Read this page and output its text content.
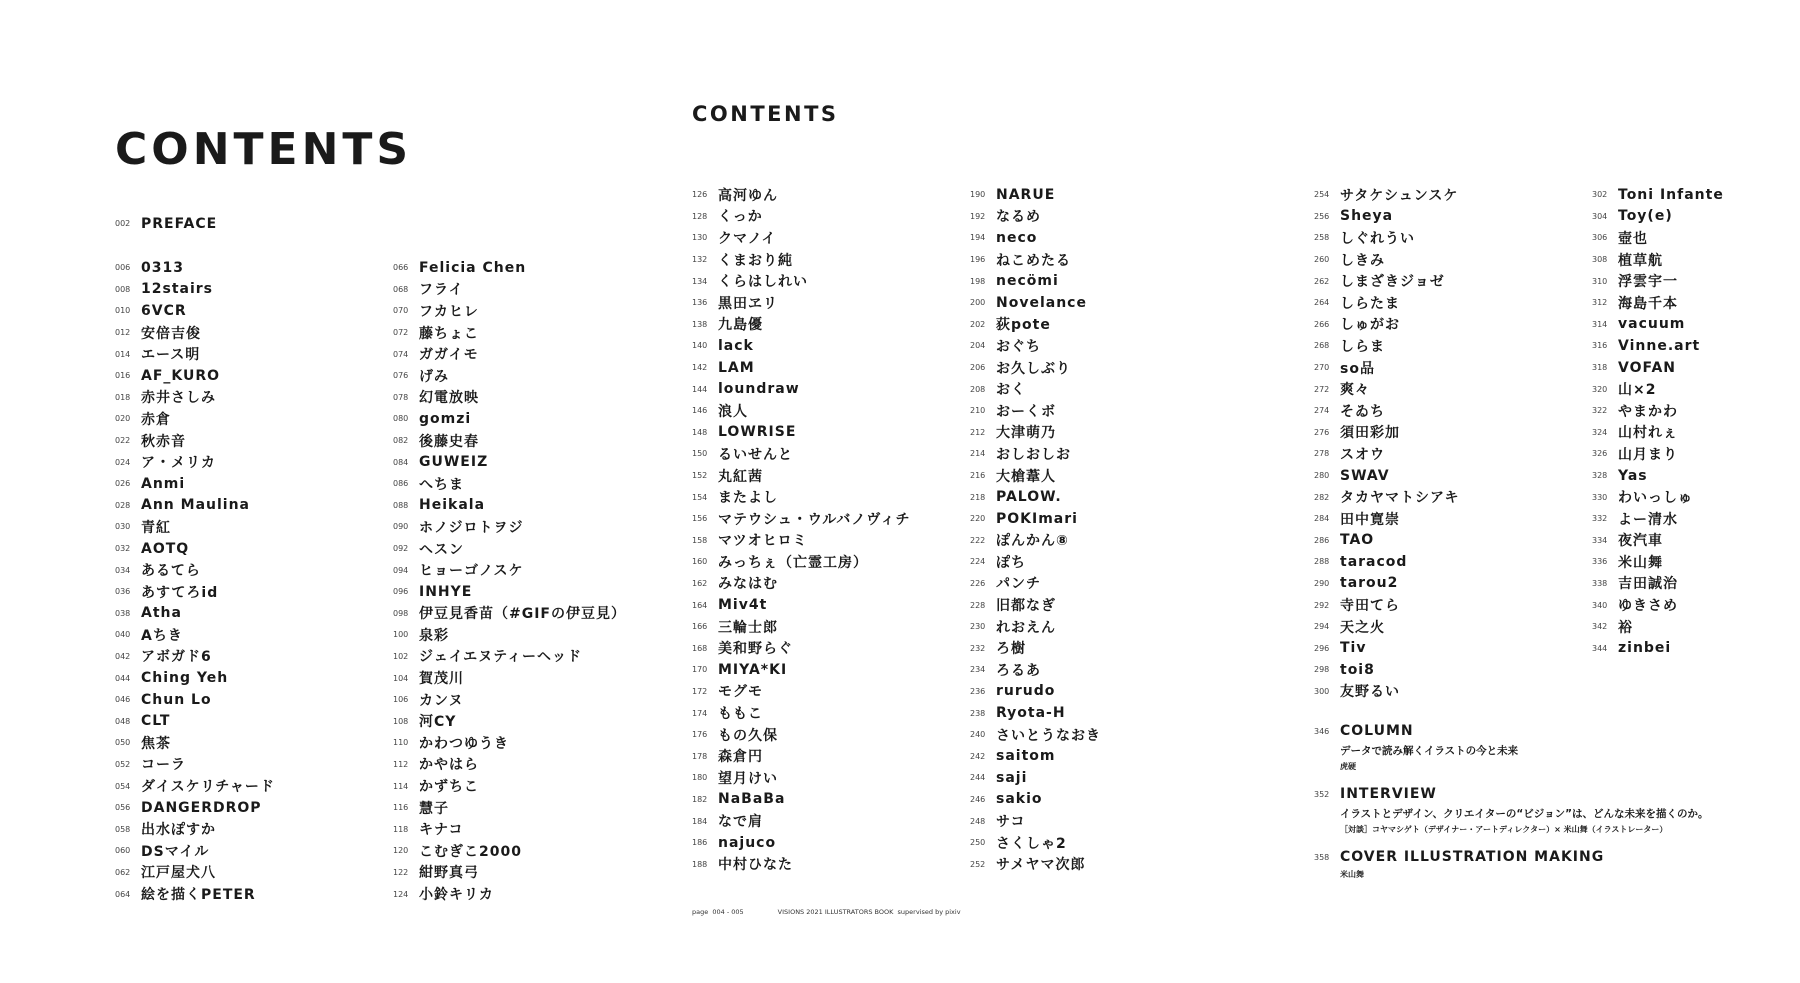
CONTENTS
CONTENTS
002 PREFACE
006 0313
008 12stairs
010 6VCR
012 安倍吉俊
014 エース明
016 AF_KURO
018 赤井さしみ
020 赤倉
022 秋赤音
024 ア・メリカ
026 Anmi
028 Ann Maulina
030 青紅
032 AOTQ
034 あるてら
036 あすてろid
038 Atha
040 Aちき
042 アボガド6
044 Ching Yeh
046 Chun Lo
048 CLT
050 焦茶
052 コーラ
054 ダイスケリチャード
056 DANGERDROP
058 出水ぽすか
060 DSマイル
062 江戸屋犬八
064 絵を描くPETER
066 Felicia Chen
068 フライ
070 フカヒレ
072 藤ちょこ
074 ガガイモ
076 げみ
078 幻電放映
080 gomzi
082 後藤史春
084 GUWEIZ
086 へちま
088 Heikala
090 ホノジロトヲジ
092 ヘスン
094 ヒョーゴノスケ
096 INHYE
098 伊豆見香苗（#GIFの伊豆見）
100 泉彩
102 ジェイエヌティーヘッド
104 賀茂川
106 カンヌ
108 河CY
110 かわつゆうき
112 かやはら
114 かずちこ
116 慧子
118 キナコ
120 こむぎこ2000
122 紺野真弓
124 小鈴キリカ
126 高河ゆん
128 くっか
130 クマノイ
132 くまおり純
134 くらはしれい
136 黒田ヱリ
138 九島優
140 lack
142 LAM
144 loundraw
146 浪人
148 LOWRISE
150 るいせんと
152 丸紅茜
154 またよし
156 マテウシュ・ウルバノヴィチ
158 マツオヒロミ
160 みっちぇ（亡霊工房）
162 みなはむ
164 Miv4t
166 三輪士郎
168 美和野らぐ
170 MIYA*KI
172 モグモ
174 ももこ
176 もの久保
178 森倉円
180 望月けい
182 NaBaBa
184 なで肩
186 najuco
188 中村ひなた
190 NARUE
192 なるめ
194 neco
196 ねこめたる
198 necömi
200 Novelance
202 荻pote
204 おぐち
206 お久しぶり
208 おく
210 おーくボ
212 大津萌乃
214 おしおしお
216 大槍葦人
218 PALOW.
220 POKImari
222 ぽんかん⑧
224 ぽち
226 パンチ
228 旧都なぎ
230 れおえん
232 ろ樹
234 ろるあ
236 rurudo
238 Ryota-H
240 さいとうなおき
242 saitom
244 saji
246 sakio
248 サコ
250 さくしゃ2
252 サメヤマ次郎
254 サタケシュンスケ
256 Sheya
258 しぐれうい
260 しきみ
262 しまざきジョゼ
264 しらたま
266 しゅがお
268 しらま
270 so品
272 爽々
274 そゐち
276 須田彩加
278 スオウ
280 SWAV
282 タカヤマトシアキ
284 田中寛崇
286 TAO
288 taracod
290 tarou2
292 寺田てら
294 天之火
296 Tiv
298 toi8
300 友野るい
302 Toni Infante
304 Toy(e)
306 壺也
308 植草航
310 浮雲宇一
312 海島千本
314 vacuum
316 Vinne.art
318 VOFAN
320 山×2
322 やまかわ
324 山村れぇ
326 山月まり
328 Yas
330 わいっしゅ
332 よー清水
334 夜汽車
336 米山舞
338 吉田誠治
340 ゆきさめ
342 裕
344 zinbei
346 COLUMN
データで読み解くイラストの今と未来
虎硬
352 INTERVIEW
イラストとデザイン、クリエイターの“ビジョン”は、どんな未来を描くのか。
［対談］コヤマシゲト（デザイナー・アートディレクター）× 米山舞（イラストレーター）
358 COVER ILLUSTRATION MAKING
米山舞
page 004 - 005	VISIONS 2021 ILLUSTRATORS BOOK supervised by pixiv
